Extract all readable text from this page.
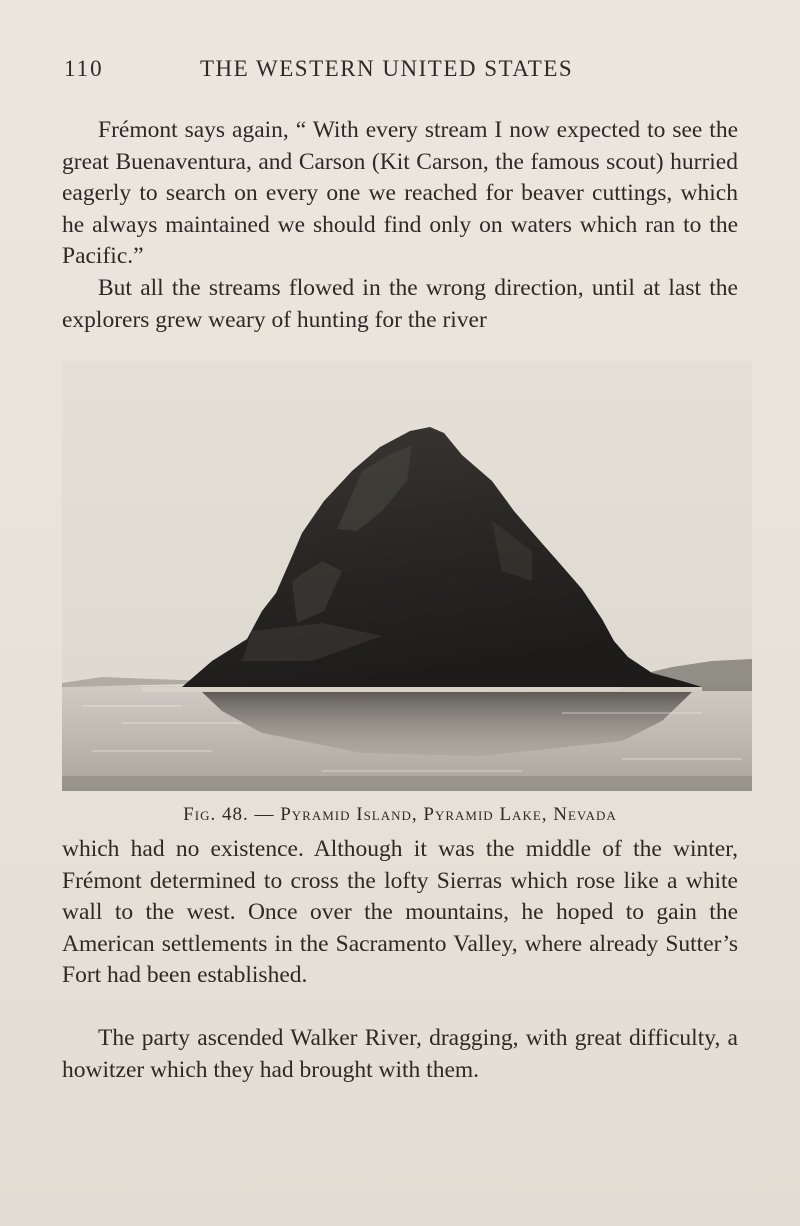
110	THE WESTERN UNITED STATES

Frémont says again, “ With every stream I now expected to see the great Buenaventura, and Carson (Kit Carson, the famous scout) hurried eagerly to search on every one we reached for beaver cuttings, which he always maintained we should find only on waters which ran to the Pacific.”

But all the streams flowed in the wrong direction, until at last the explorers grew weary of hunting for the river

Fig. 48. — Pyramid Island, Pyramid Lake, Nevada

which had no existence. Although it was the middle of the winter, Frémont determined to cross the lofty Sierras which rose like a white wall to the west. Once over the mountains, he hoped to gain the American settlements in the Sacramento Valley, where already Sutter’s Fort had been established.

The party ascended Walker River, dragging, with great difficulty, a howitzer which they had brought with them.
